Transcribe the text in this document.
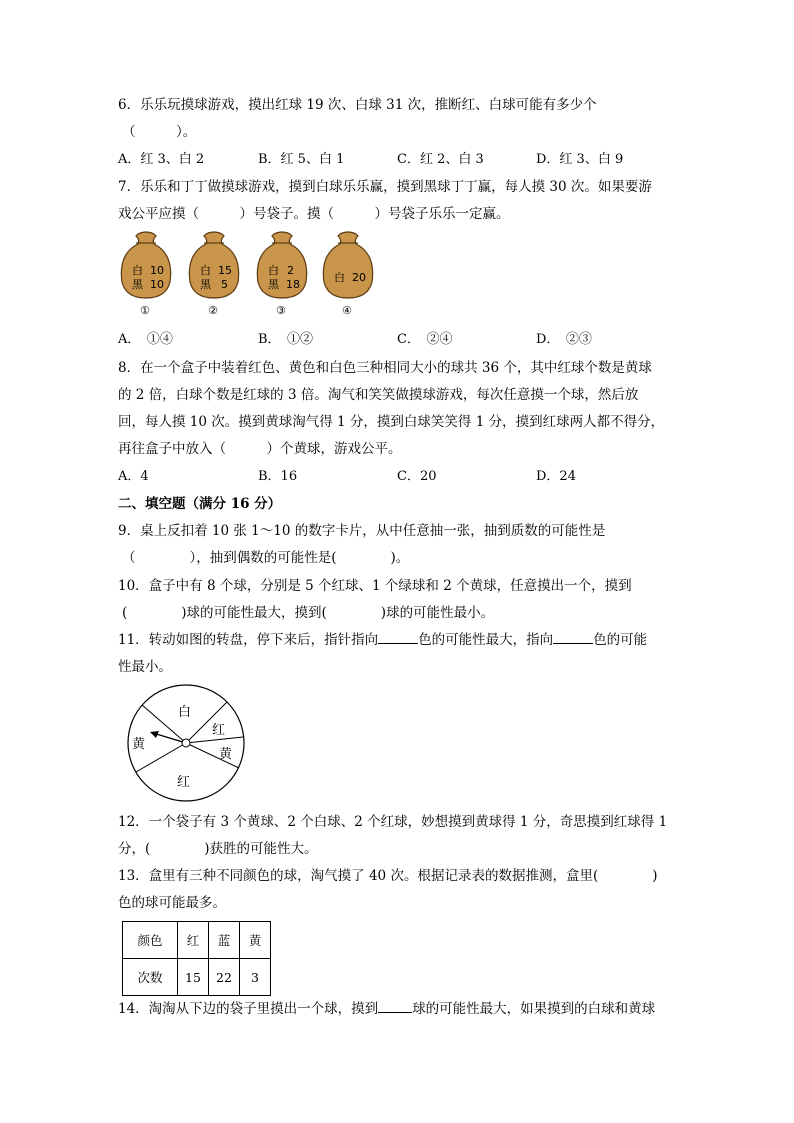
6．乐乐玩摸球游戏，摸出红球 19 次、白球 31 次，推断红、白球可能有多少个
（　　　）。
A．红 3、白 2	B．红 5、白 1	C．红 2、白 3	D．红 3、白 9
7．乐乐和丁丁做摸球游戏，摸到白球乐乐赢，摸到黑球丁丁赢，每人摸 30 次。如果要游
戏公平应摸（　　　）号袋子。摸（　　　）号袋子乐乐一定赢。
白 10
黑 10
①
白 15
黑 5
②
白 2
黑 18
③
白 20
④
A．　①④	B．　①②	C．　②④	D．　②③
8．在一个盒子中装着红色、黄色和白色三种相同大小的球共 36 个，其中红球个数是黄球
的 2 倍，白球个数是红球的 3 倍。淘气和笑笑做摸球游戏，每次任意摸一个球，然后放
回，每人摸 10 次。摸到黄球淘气得 1 分，摸到白球笑笑得 1 分，摸到红球两人都不得分，
再往盒子中放入（　　　）个黄球，游戏公平。
A．4	B．16	C．20	D．24
二、填空题（满分 16 分）
9．桌上反扣着 10 张 1～10 的数字卡片，从中任意抽一张，抽到质数的可能性是
（　　　　），抽到偶数的可能性是(　　　　)。
10．盒子中有 8 个球，分别是 5 个红球、1 个绿球和 2 个黄球，任意摸出一个，摸到
(　　　　)球的可能性最大，摸到(　　　　)球的可能性最小。
11．转动如图的转盘，停下来后，指针指向	色的可能性最大，指向	色的可能
性最小。
白
红
黄
黄
红
12．一个袋子有 3 个黄球、2 个白球、2 个红球，妙想摸到黄球得 1 分，奇思摸到红球得 1
分，(　　　　)获胜的可能性大。
13．盒里有三种不同颜色的球，淘气摸了 40 次。根据记录表的数据推测，盒里(　　　　)
色的球可能最多。
颜色	红	蓝	黄
次数	15	22	3
14．淘淘从下边的袋子里摸出一个球，摸到	球的可能性最大，如果摸到的白球和黄球
